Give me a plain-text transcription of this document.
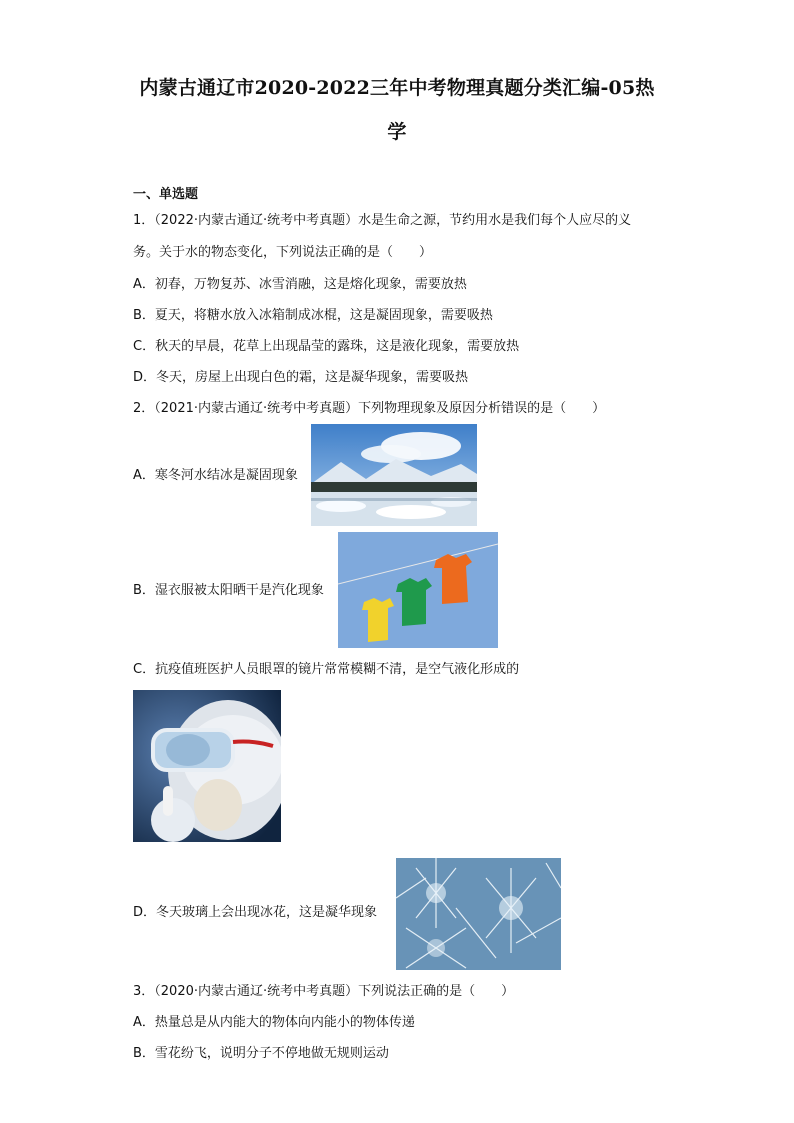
内蒙古通辽市2020-2022三年中考物理真题分类汇编-05热
学
一、单选题
1．（2022·内蒙古通辽·统考中考真题）水是生命之源，节约用水是我们每个人应尽的义
务。关于水的物态变化，下列说法正确的是（　　）
A．初春，万物复苏、冰雪消融，这是熔化现象，需要放热
B．夏天，将糖水放入冰箱制成冰棍，这是凝固现象，需要吸热
C．秋天的早晨，花草上出现晶莹的露珠，这是液化现象，需要放热
D．冬天，房屋上出现白色的霜，这是凝华现象，需要吸热
2．（2021·内蒙古通辽·统考中考真题）下列物理现象及原因分析错误的是（　　）
A．寒冬河水结冰是凝固现象
B．湿衣服被太阳晒干是汽化现象
C．抗疫值班医护人员眼罩的镜片常常模糊不清，是空气液化形成的
D．冬天玻璃上会出现冰花，这是凝华现象
3．（2020·内蒙古通辽·统考中考真题）下列说法正确的是（　　）
A．热量总是从内能大的物体向内能小的物体传递
B．雪花纷飞，说明分子不停地做无规则运动
